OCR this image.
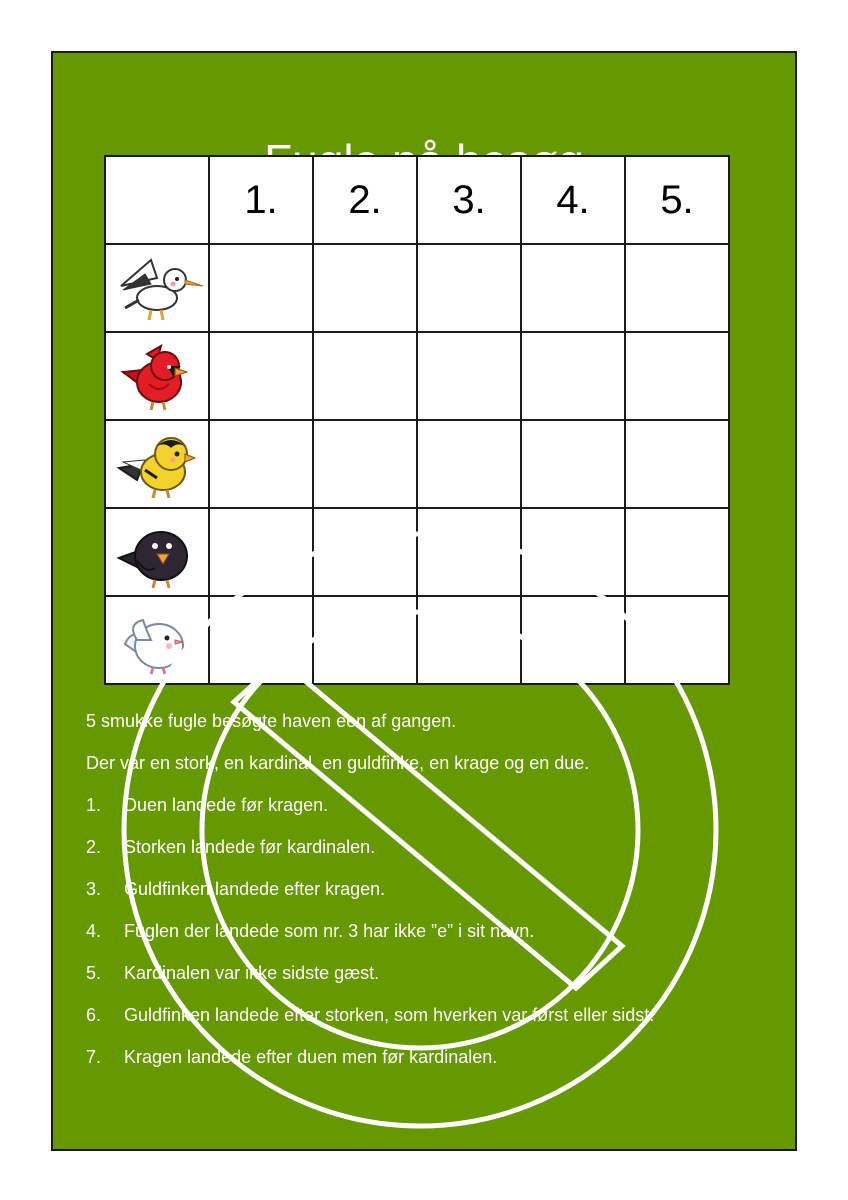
	1.	2.	3.	4.	5.

5 smukke fugle besøgte haven een af gangen.

Der var en stork, en kardinal, en guldfinke, en krage og en due.

1.	Duen landede før kragen.
2.	Storken landede før kardinalen.
3.	Guldfinken landede efter kragen.
4.	Fuglen der landede som nr. 3 har ikke ”e” i sit navn.
5.	Kardinalen var ikke sidste gæst.
6.	Guldfinken landede efter storken, som hverken var først eller sidst.
7.	Kragen landede efter duen men før kardinalen.
